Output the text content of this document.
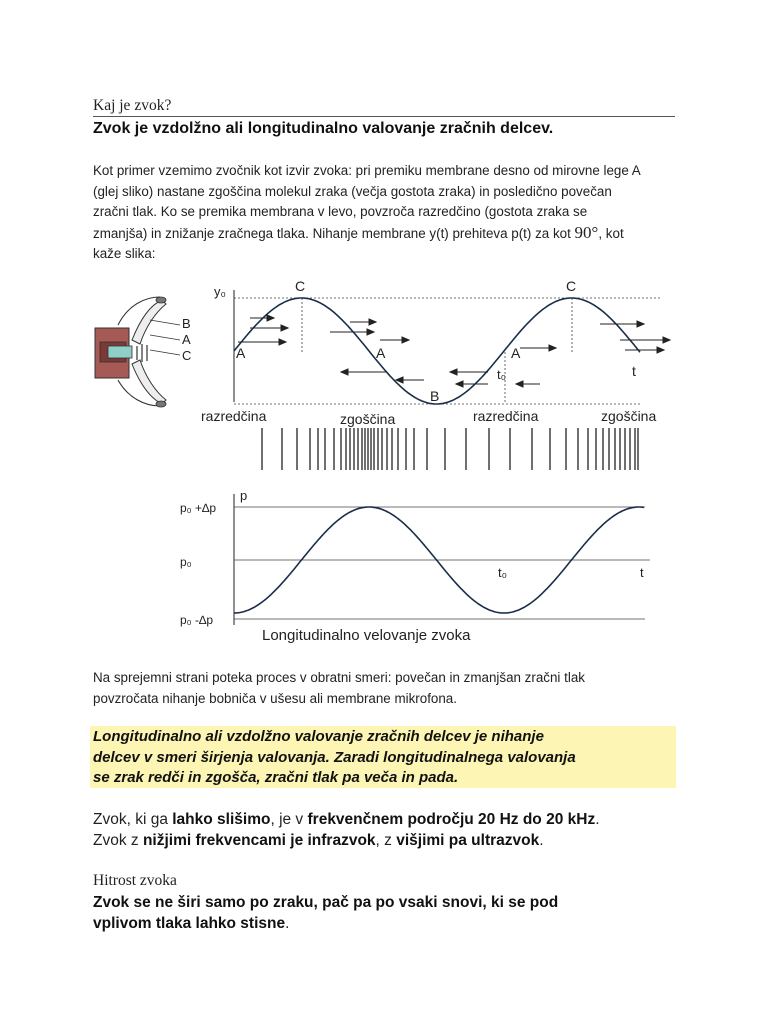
Kaj je zvok?
Zvok je vzdolžno ali longitudinalno valovanje zračnih delcev.
Kot primer vzemimo zvočnik kot izvir zvoka: pri premiku membrane desno od mirovne lege A
(glej sliko) nastane zgoščina molekul zraka (večja gostota zraka) in posledično povečan
zračni tlak. Ko se premika membrana v levo, povzroča razredčino (gostota zraka se
zmanjša) in znižanje zračnega tlaka. Nihanje membrane y(t) prehiteva p(t) za kot 90°, kot
kaže slika:
B
A
C
y₀	C
A	A
B
A
C
t₀	t
razredčina	zgoščina	razredčina	zgoščina
p
p₀ +∆p
p₀
p₀ -∆p
t₀	t
Longitudinalno velovanje zvoka
Na sprejemni strani poteka proces v obratni smeri: povečan in zmanjšan zračni tlak
povzročata nihanje bobniča v ušesu ali membrane mikrofona.
Longitudinalno ali vzdolžno valovanje zračnih delcev je nihanje
delcev v smeri širjenja valovanja. Zaradi longitudinalnega valovanja
se zrak redči in zgošča, zračni tlak pa veča in pada.
Zvok, ki ga lahko slišimo, je v frekvenčnem področju 20 Hz do 20 kHz.
Zvok z nižjimi frekvencami je infrazvok, z višjimi pa ultrazvok.
Hitrost zvoka
Zvok se ne širi samo po zraku, pač pa po vsaki snovi, ki se pod
vplivom tlaka lahko stisne.
